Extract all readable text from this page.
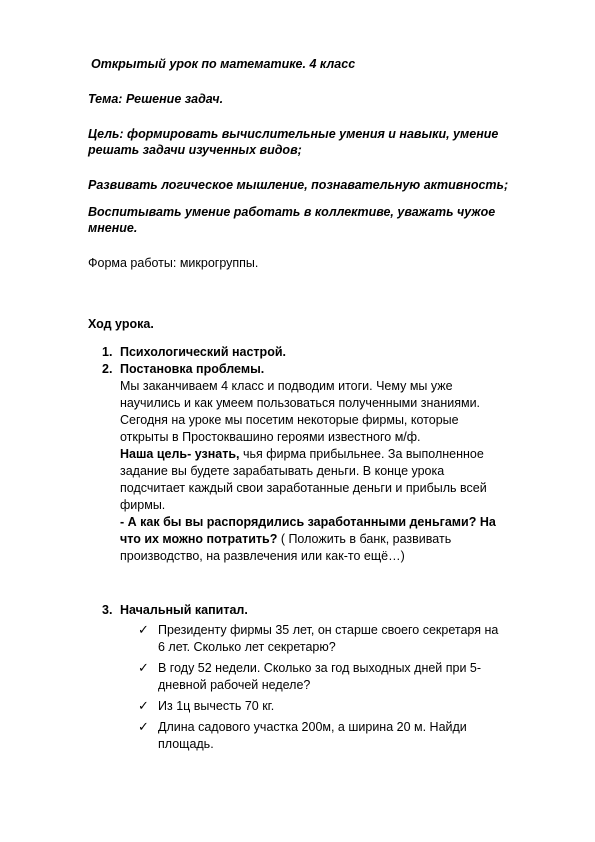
Открытый урок по математике. 4 класс
Тема: Решение задач.
Цель: формировать вычислительные умения и навыки, умение
решать задачи изученных видов;
Развивать логическое мышление, познавательную активность;
Воспитывать умение работать в коллективе, уважать чужое
мнение.
Форма работы: микрогруппы.
Ход урока.
1. Психологический настрой.
2. Постановка проблемы.
Мы заканчиваем 4 класс и подводим итоги. Чему мы уже
научились и как умеем пользоваться полученными знаниями.
Сегодня на уроке мы посетим некоторые фирмы, которые
открыты в Простоквашино героями известного м/ф.
Наша цель- узнать, чья фирма прибыльнее. За выполненное
задание вы будете зарабатывать деньги. В конце урока
подсчитает каждый свои заработанные деньги и прибыль всей
фирмы.
- А как бы вы распорядились заработанными деньгами? На
что их можно потратить? ( Положить в банк, развивать
производство, на развлечения или как-то ещё…)
3. Начальный капитал.
✓ Президенту фирмы 35 лет, он старше своего секретаря на
6 лет. Сколько лет секретарю?
✓ В году 52 недели. Сколько за год выходных дней при 5-
дневной рабочей неделе?
✓ Из 1ц вычесть 70 кг.
✓ Длина садового участка 200м, а ширина 20 м. Найди
площадь.
